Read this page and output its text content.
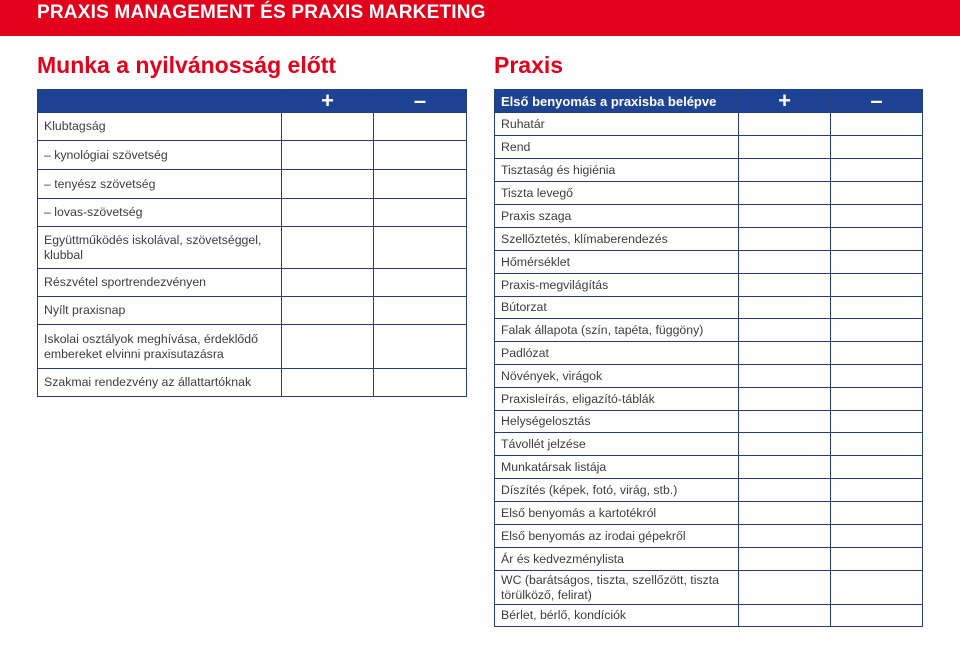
PRAXIS MANAGEMENT ÉS PRAXIS MARKETING
Munka a nyilvánosság előtt	Praxis
	+	–
Klubtagság		
– kynológiai szövetség		
– tenyész szövetség		
– lovas-szövetség		
Együttműködés iskolával, szövetséggel, klubbal		
Részvétel sportrendezvényen		
Nyílt praxisnap		
Iskolai osztályok meghívása, érdeklődő embereket elvinni praxisutazásra		
Szakmai rendezvény az állattartóknak		
Első benyomás a praxisba belépve	+	–
Ruhatár		
Rend		
Tisztaság és higiénia		
Tiszta levegő		
Praxis szaga		
Szellőztetés, klímaberendezés		
Hőmérséklet		
Praxis-megvilágítás		
Bútorzat		
Falak állapota (szín, tapéta, függöny)		
Padlózat		
Növények, virágok		
Praxisleírás, eligazító-táblák		
Helységelosztás		
Távollét jelzése		
Munkatársak listája		
Díszítés (képek, fotó, virág, stb.)		
Első benyomás a kartotékról		
Első benyomás az irodai gépekről		
Ár és kedvezménylista		
WC (barátságos, tiszta, szellőzött, tiszta törülköző, felirat)		
Bérlet, bérlő, kondíciók		
